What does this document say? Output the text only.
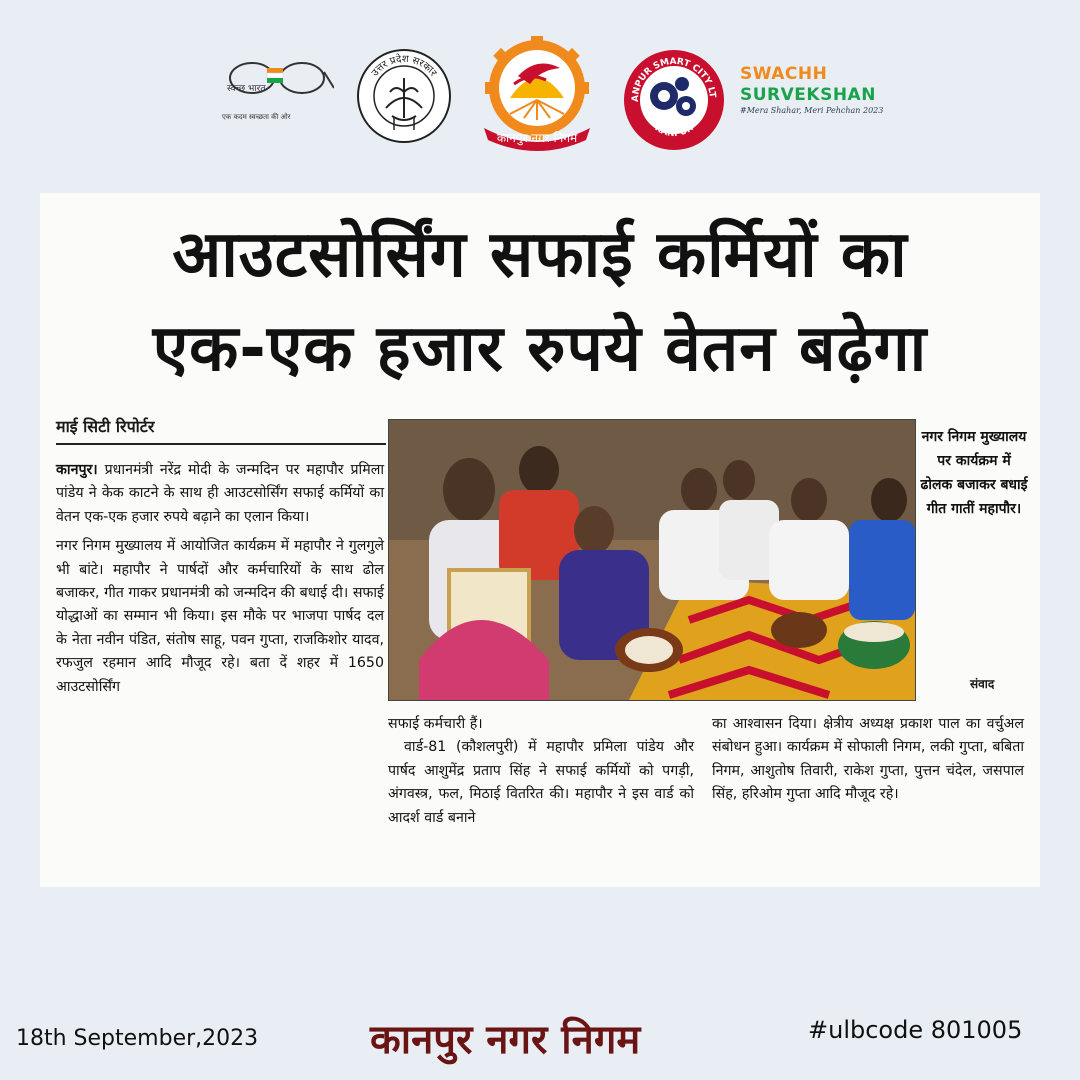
स्वच्छ भारत
एक कदम स्वच्छता की ओर
उत्तर प्रदेश सरकार
कानपुर नगर निगम
ANPUR SMART CITY LT
KANPUR
SWACHH
SURVEKSHAN
#Mera Shahar, Meri Pehchan 2023
आउटसोर्सिंग सफाई कर्मियों का
एक-एक हजार रुपये वेतन बढ़ेगा
माई सिटी रिपोर्टर

कानपुर। प्रधानमंत्री नरेंद्र मोदी के जन्मदिन पर महापौर प्रमिला पांडेय ने केक काटने के साथ ही आउटसोर्सिंग सफाई कर्मियों का वेतन एक-एक हजार रुपये बढ़ाने का एलान किया।

नगर निगम मुख्यालय में आयोजित कार्यक्रम में महापौर ने गुलगुले भी बांटे। महापौर ने पार्षदों और कर्मचारियों के साथ ढोल बजाकर, गीत गाकर प्रधानमंत्री को जन्मदिन की बधाई दी। सफाई योद्धाओं का सम्मान भी किया। इस मौके पर भाजपा पार्षद दल के नेता नवीन पंडित, संतोष साहू, पवन गुप्ता, राजकिशोर यादव, रफजुल रहमान आदि मौजूद रहे। बता दें शहर में 1650 आउटसोर्सिंग

नगर निगम मुख्यालय पर कार्यक्रम में ढोलक बजाकर बधाई गीत गातीं महापौर।
संवाद

सफाई कर्मचारी हैं।

वार्ड-81 (कौशलपुरी) में महापौर प्रमिला पांडेय और पार्षद आशुमेंद्र प्रताप सिंह ने सफाई कर्मियों को पगड़ी, अंगवस्त्र, फल, मिठाई वितरित की। महापौर ने इस वार्ड को आदर्श वार्ड बनाने

का आश्वासन दिया। क्षेत्रीय अध्यक्ष प्रकाश पाल का वर्चुअल संबोधन हुआ। कार्यक्रम में सोफाली निगम, लकी गुप्ता, बबिता निगम, आशुतोष तिवारी, राकेश गुप्ता, पुत्तन चंदेल, जसपाल सिंह, हरिओम गुप्ता आदि मौजूद रहे।

18th September,2023	कानपुर नगर निगम	#ulbcode 801005
